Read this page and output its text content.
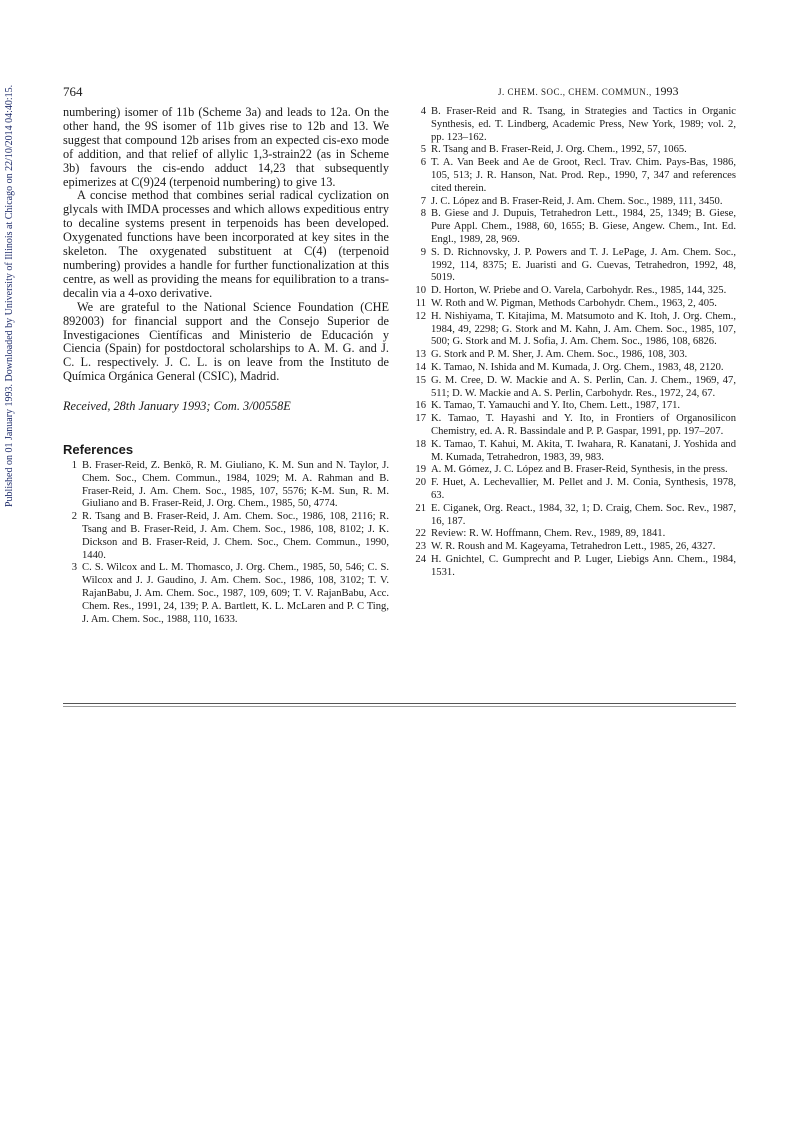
Published on 01 January 1993. Downloaded by University of Illinois at Chicago on 22/10/2014 04:40:15.	764	J. CHEM. SOC., CHEM. COMMUN., 1993

numbering) isomer of 11b (Scheme 3a) and leads to 12a. On the other hand, the 9S isomer of 11b gives rise to 12b and 13. We suggest that compound 12b arises from an expected cis-exo mode of addition, and that relief of allylic 1,3-strain22 (as in Scheme 3b) favours the cis-endo adduct 14,23 that subsequently epimerizes at C(9)24 (terpenoid numbering) to give 13.

A concise method that combines serial radical cyclization on glycals with IMDA processes and which allows expeditious entry to decaline systems present in terpenoids has been developed. Oxygenated functions have been incorporated at key sites in the skeleton. The oxygenated substituent at C(4) (terpenoid numbering) provides a handle for further functionalization at this centre, as well as providing the means for equilibration to a trans-decalin via a 4-oxo derivative.

We are grateful to the National Science Foundation (CHE 892003) for financial support and the Consejo Superior de Investigaciones Científicas and Ministerio de Educación y Ciencia (Spain) for postdoctoral scholarships to A. M. G. and J. C. L. respectively. J. C. L. is on leave from the Instituto de Química Orgánica General (CSIC), Madrid.

Received, 28th January 1993; Com. 3/00558E

References
1 B. Fraser-Reid, Z. Benkö, R. M. Giuliano, K. M. Sun and N. Taylor, J. Chem. Soc., Chem. Commun., 1984, 1029; M. A. Rahman and B. Fraser-Reid, J. Am. Chem. Soc., 1985, 107, 5576; K-M. Sun, R. M. Giuliano and B. Fraser-Reid, J. Org. Chem., 1985, 50, 4774.
2 R. Tsang and B. Fraser-Reid, J. Am. Chem. Soc., 1986, 108, 2116; R. Tsang and B. Fraser-Reid, J. Am. Chem. Soc., 1986, 108, 8102; J. K. Dickson and B. Fraser-Reid, J. Chem. Soc., Chem. Commun., 1990, 1440.
3 C. S. Wilcox and L. M. Thomasco, J. Org. Chem., 1985, 50, 546; C. S. Wilcox and J. J. Gaudino, J. Am. Chem. Soc., 1986, 108, 3102; T. V. RajanBabu, J. Am. Chem. Soc., 1987, 109, 609; T. V. RajanBabu, Acc. Chem. Res., 1991, 24, 139; P. A. Bartlett, K. L. McLaren and P. C Ting, J. Am. Chem. Soc., 1988, 110, 1633.
4 B. Fraser-Reid and R. Tsang, in Strategies and Tactics in Organic Synthesis, ed. T. Lindberg, Academic Press, New York, 1989; vol. 2, pp. 123–162.
5 R. Tsang and B. Fraser-Reid, J. Org. Chem., 1992, 57, 1065.
6 T. A. Van Beek and Ae de Groot, Recl. Trav. Chim. Pays-Bas, 1986, 105, 513; J. R. Hanson, Nat. Prod. Rep., 1990, 7, 347 and references cited therein.
7 J. C. López and B. Fraser-Reid, J. Am. Chem. Soc., 1989, 111, 3450.
8 B. Giese and J. Dupuis, Tetrahedron Lett., 1984, 25, 1349; B. Giese, Pure Appl. Chem., 1988, 60, 1655; B. Giese, Angew. Chem., Int. Ed. Engl., 1989, 28, 969.
9 S. D. Richnovsky, J. P. Powers and T. J. LePage, J. Am. Chem. Soc., 1992, 114, 8375; E. Juaristi and G. Cuevas, Tetrahedron, 1992, 48, 5019.
10 D. Horton, W. Priebe and O. Varela, Carbohydr. Res., 1985, 144, 325.
11 W. Roth and W. Pigman, Methods Carbohydr. Chem., 1963, 2, 405.
12 H. Nishiyama, T. Kitajima, M. Matsumoto and K. Itoh, J. Org. Chem., 1984, 49, 2298; G. Stork and M. Kahn, J. Am. Chem. Soc., 1985, 107, 500; G. Stork and M. J. Sofia, J. Am. Chem. Soc., 1986, 108, 6826.
13 G. Stork and P. M. Sher, J. Am. Chem. Soc., 1986, 108, 303.
14 K. Tamao, N. Ishida and M. Kumada, J. Org. Chem., 1983, 48, 2120.
15 G. M. Cree, D. W. Mackie and A. S. Perlin, Can. J. Chem., 1969, 47, 511; D. W. Mackie and A. S. Perlin, Carbohydr. Res., 1972, 24, 67.
16 K. Tamao, T. Yamauchi and Y. Ito, Chem. Lett., 1987, 171.
17 K. Tamao, T. Hayashi and Y. Ito, in Frontiers of Organosilicon Chemistry, ed. A. R. Bassindale and P. P. Gaspar, 1991, pp. 197–207.
18 K. Tamao, T. Kahui, M. Akita, T. Iwahara, R. Kanatani, J. Yoshida and M. Kumada, Tetrahedron, 1983, 39, 983.
19 A. M. Gómez, J. C. López and B. Fraser-Reid, Synthesis, in the press.
20 F. Huet, A. Lechevallier, M. Pellet and J. M. Conia, Synthesis, 1978, 63.
21 E. Ciganek, Org. React., 1984, 32, 1; D. Craig, Chem. Soc. Rev., 1987, 16, 187.
22 Review: R. W. Hoffmann, Chem. Rev., 1989, 89, 1841.
23 W. R. Roush and M. Kageyama, Tetrahedron Lett., 1985, 26, 4327.
24 H. Gnichtel, C. Gumprecht and P. Luger, Liebigs Ann. Chem., 1984, 1531.
